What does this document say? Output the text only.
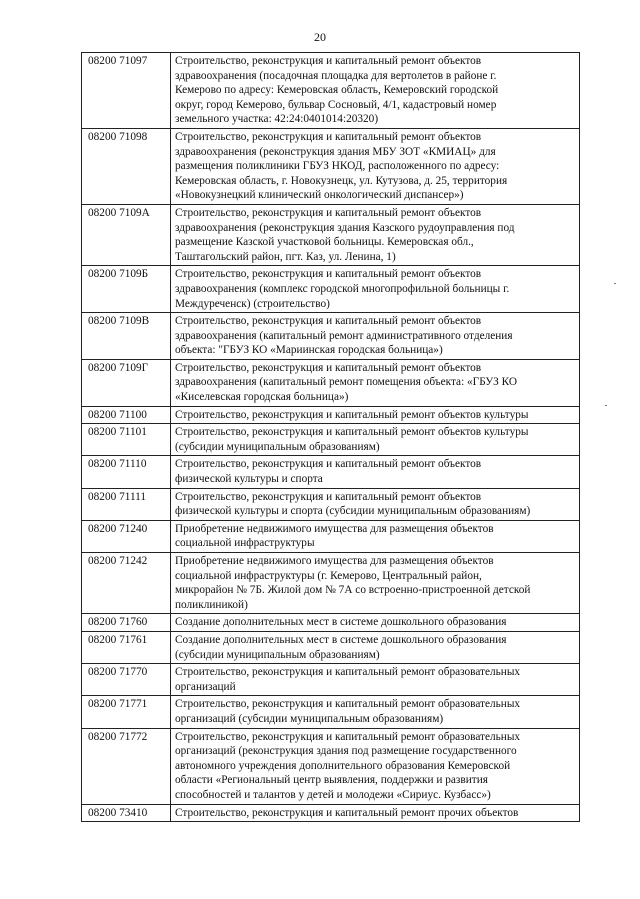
20
08200 71097	Строительство, реконструкция и капитальный ремонт объектов
здравоохранения (посадочная площадка для вертолетов в районе г.
Кемерово по адресу: Кемеровская область, Кемеровский городской
округ, город Кемерово, бульвар Сосновый, 4/1, кадастровый номер
земельного участка: 42:24:0401014:20320)
08200 71098	Строительство, реконструкция и капитальный ремонт объектов
здравоохранения (реконструкция здания МБУ ЗОТ «КМИАЦ» для
размещения поликлиники ГБУЗ НКОД, расположенного по адресу:
Кемеровская область, г. Новокузнецк, ул. Кутузова, д. 25, территория
«Новокузнецкий клинический онкологический диспансер»)
08200 7109А	Строительство, реконструкция и капитальный ремонт объектов
здравоохранения (реконструкция здания Казского рудоуправления под
размещение Казской участковой больницы. Кемеровская обл.,
Таштагольский район, пгт. Каз, ул. Ленина, 1)
08200 7109Б	Строительство, реконструкция и капитальный ремонт объектов
здравоохранения (комплекс городской многопрофильной больницы г.
Междуреченск) (строительство)
08200 7109В	Строительство, реконструкция и капитальный ремонт объектов
здравоохранения (капитальный ремонт административного отделения
объекта: "ГБУЗ КО «Мариинская городская больница»)
08200 7109Г	Строительство, реконструкция и капитальный ремонт объектов
здравоохранения (капитальный ремонт помещения объекта: «ГБУЗ КО
«Киселевская городская больница»)
08200 71100	Строительство, реконструкция и капитальный ремонт объектов культуры
08200 71101	Строительство, реконструкция и капитальный ремонт объектов культуры
(субсидии муниципальным образованиям)
08200 71110	Строительство, реконструкция и капитальный ремонт объектов
физической культуры и спорта
08200 71111	Строительство, реконструкция и капитальный ремонт объектов
физической культуры и спорта (субсидии муниципальным образованиям)
08200 71240	Приобретение недвижимого имущества для размещения объектов
социальной инфраструктуры
08200 71242	Приобретение недвижимого имущества для размещения объектов
социальной инфраструктуры (г. Кемерово, Центральный район,
микрорайон № 7Б. Жилой дом № 7А со встроенно-пристроенной детской
поликлиникой)
08200 71760	Создание дополнительных мест в системе дошкольного образования
08200 71761	Создание дополнительных мест в системе дошкольного образования
(субсидии муниципальным образованиям)
08200 71770	Строительство, реконструкция и капитальный ремонт образовательных
организаций
08200 71771	Строительство, реконструкция и капитальный ремонт образовательных
организаций (субсидии муниципальным образованиям)
08200 71772	Строительство, реконструкция и капитальный ремонт образовательных
организаций (реконструкция здания под размещение государственного
автономного учреждения дополнительного образования Кемеровской
области «Региональный центр выявления, поддержки и развития
способностей и талантов у детей и молодежи «Сириус. Кузбасс»)
08200 73410	Строительство, реконструкция и капитальный ремонт прочих объектов
